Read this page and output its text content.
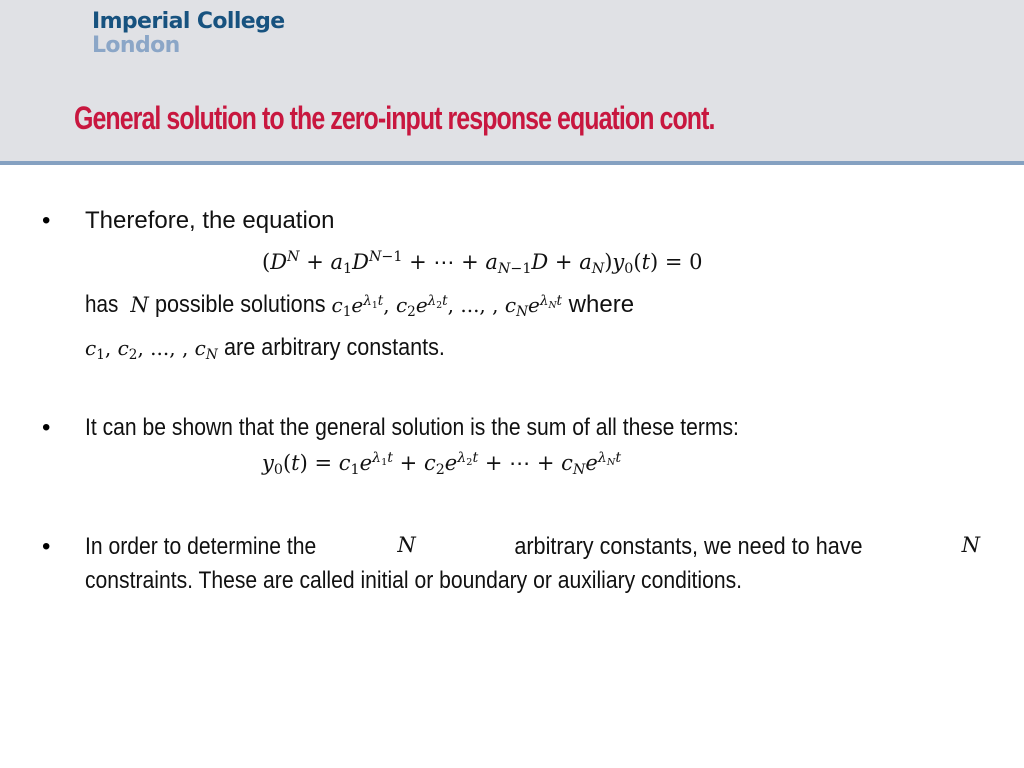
Imperial College
London
General solution to the zero-input response equation cont.
• Therefore, the equation
($D^N + a_1D^{N-1}$ + ⋯ + $a_{N-1}D + a_N)y_0(t) = 0$
has N possible solutions $c_1e^{\lambda_1t}$, $c_2e^{\lambda_2t}$, ..., , $c_Ne^{\lambda_Nt}$ where
$c_1$, $c_2$, ..., , $c_N$ are arbitrary constants.
• It can be shown that the general solution is the sum of all these terms:
$y_0(t) = c_1e^{\lambda_1t} + c_2e^{\lambda_2t}$ + ⋯ + $c_Ne^{\lambda_Nt}$
• In order to determine the	N	arbitrary constants, we need to have	N
constraints. These are called initial or boundary or auxiliary conditions.
